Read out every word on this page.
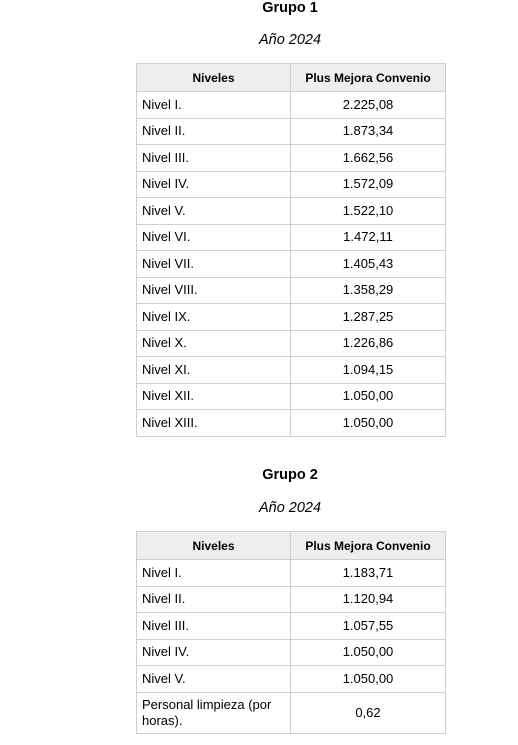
Grupo 1
Año 2024
Niveles	Plus Mejora Convenio
Nivel I.	2.225,08
Nivel II.	1.873,34
Nivel III.	1.662,56
Nivel IV.	1.572,09
Nivel V.	1.522,10
Nivel VI.	1.472,11
Nivel VII.	1.405,43
Nivel VIII.	1.358,29
Nivel IX.	1.287,25
Nivel X.	1.226,86
Nivel XI.	1.094,15
Nivel XII.	1.050,00
Nivel XIII.	1.050,00
Grupo 2
Año 2024
Niveles	Plus Mejora Convenio
Nivel I.	1.183,71
Nivel II.	1.120,94
Nivel III.	1.057,55
Nivel IV.	1.050,00
Nivel V.	1.050,00
Personal limpieza (por horas).	0,62
